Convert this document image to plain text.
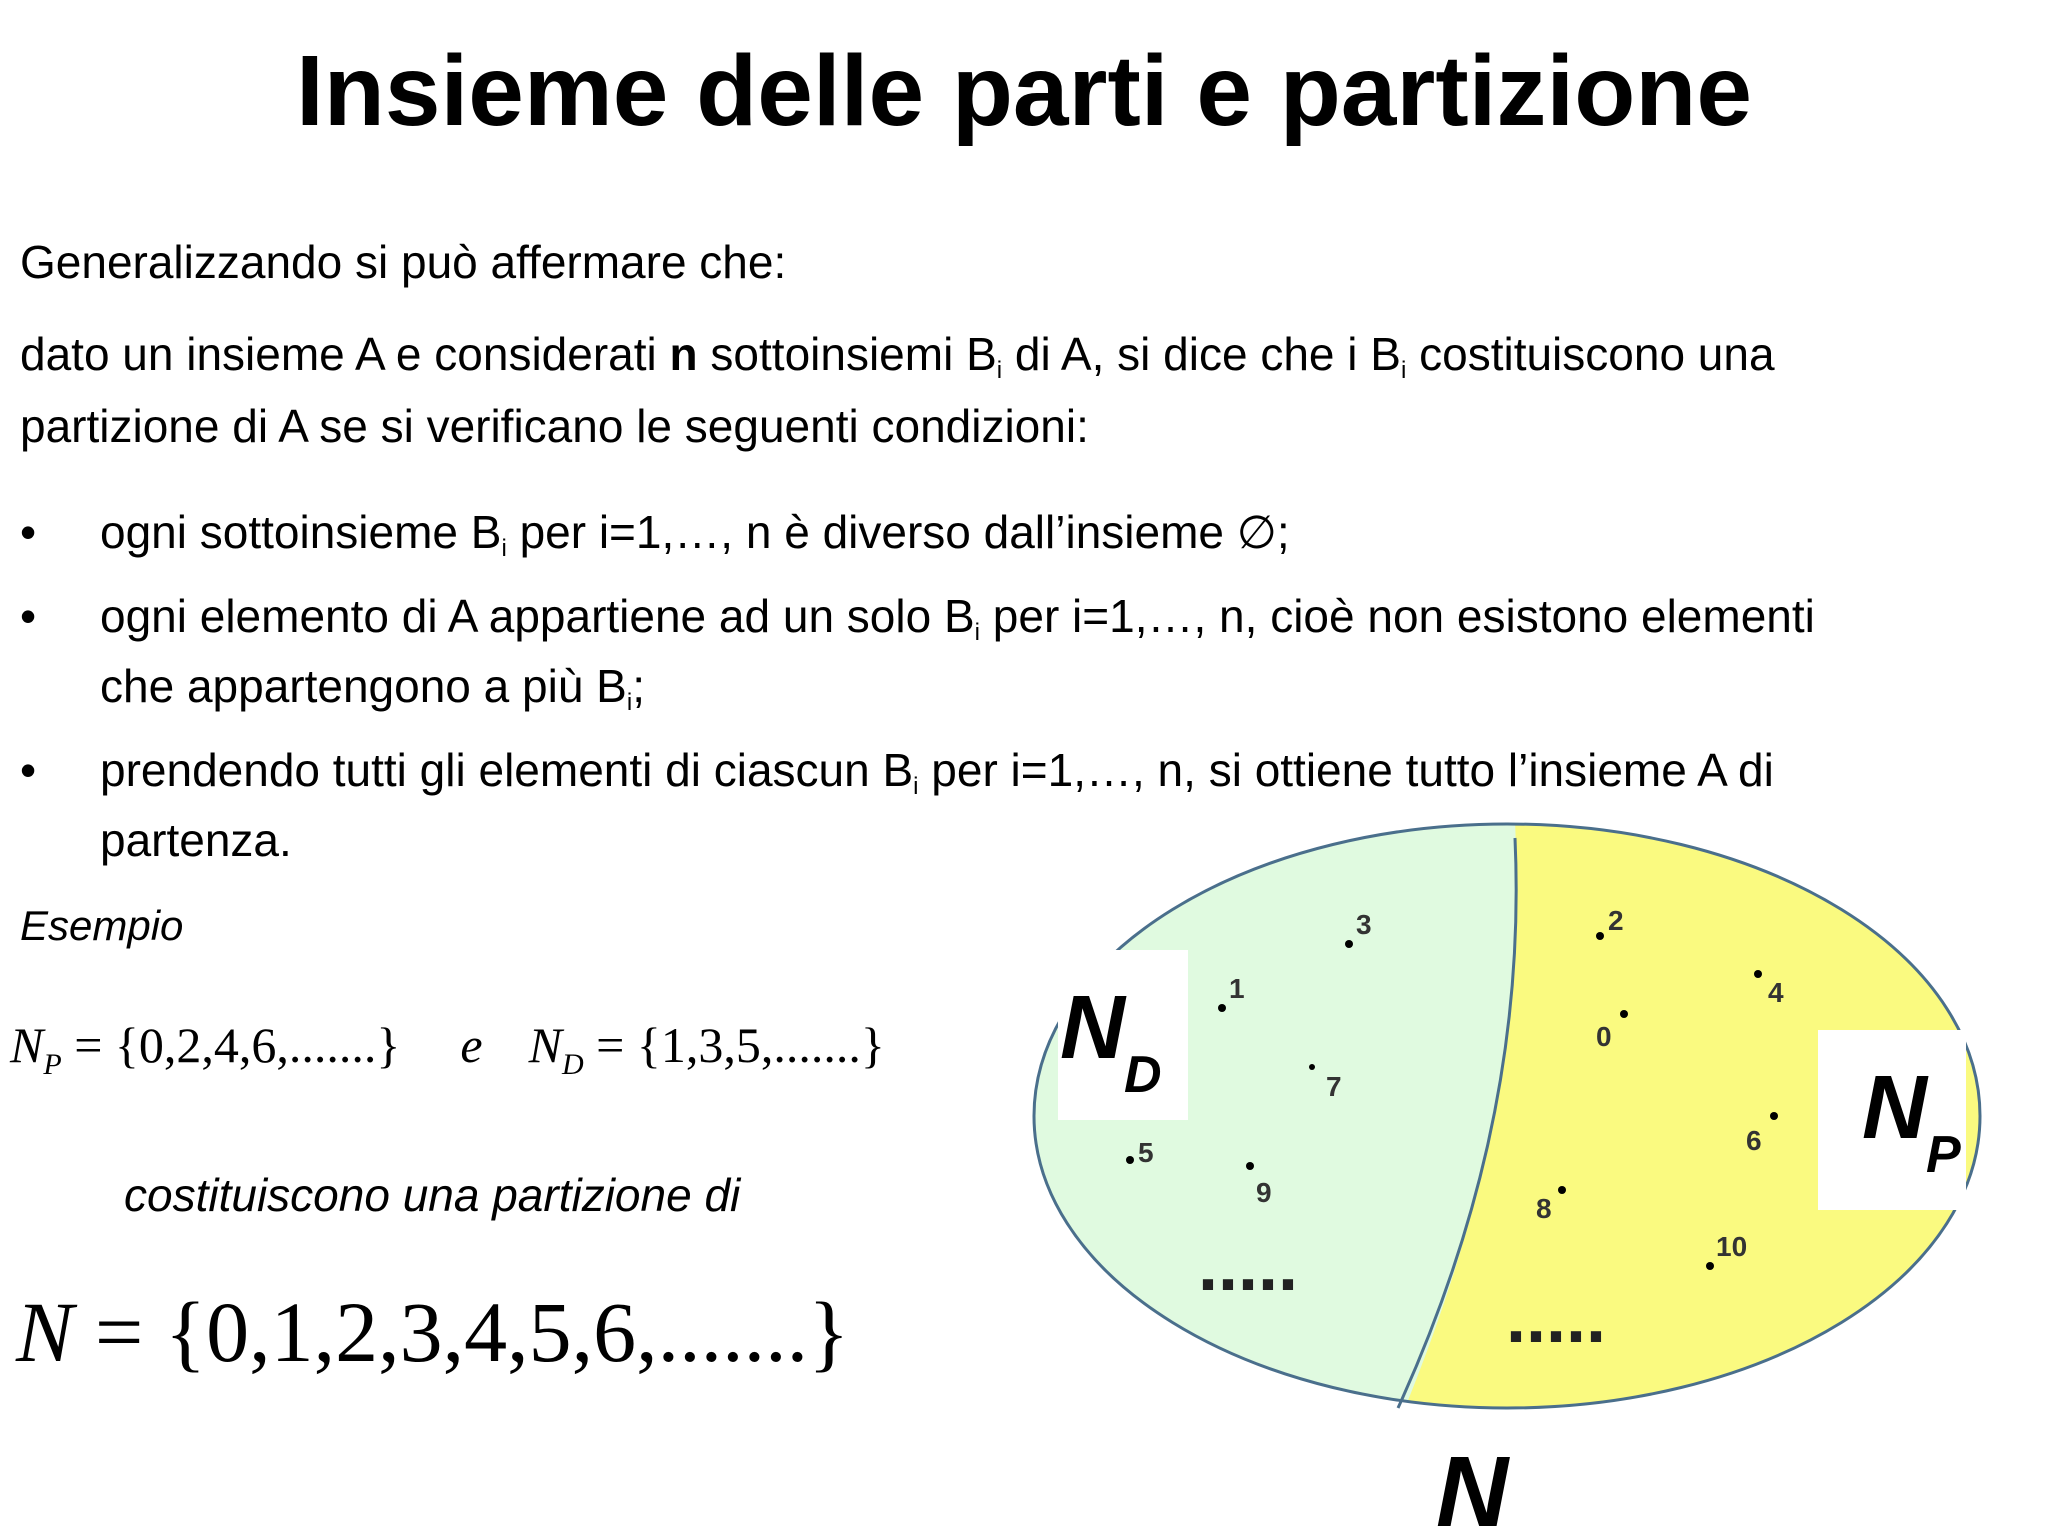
Insieme delle parti e partizione
Generalizzando si può affermare che:
dato un insieme A e considerati n sottoinsiemi $B_i$ di A, si dice che i $B_i$ costituiscono una
partizione di A se si verificano le seguenti condizioni:
• ogni sottoinsieme $B_i$ per i=1,…, n è diverso dall’insieme ∅;
• ogni elemento di A appartiene ad un solo $B_i$ per i=1,…, n, cioè non esistono elementi
che appartengono a più $B_i$;
• prendendo tutti gli elementi di ciascun $B_i$ per i=1,…, n, si ottiene tutto l’insieme A di
partenza.
Esempio
$N_P = \{0,2,4,6,.......\}$ e $N_D = \{1,3,5,.......\}$
costituiscono una partizione di
N = {0,1,2,3,4,5,6,.......}
N D	N P
N
3
1
7
5
9
2
4
0
6
8
10
.....
.....
